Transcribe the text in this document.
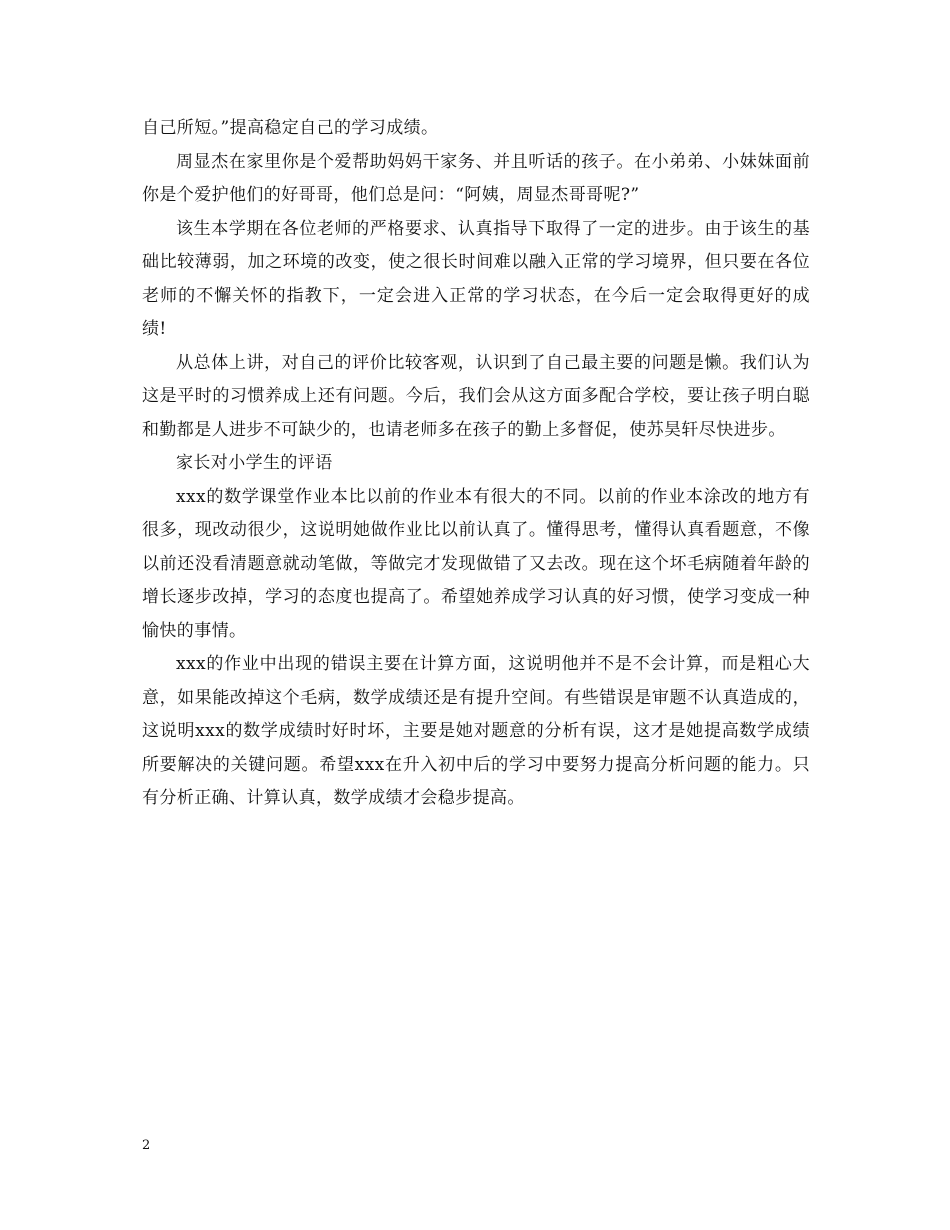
自己所短。”提高稳定自己的学习成绩。

周显杰在家里你是个爱帮助妈妈干家务、并且听话的孩子。在小弟弟、小妹妹面前你是个爱护他们的好哥哥，他们总是问：“阿姨，周显杰哥哥呢?”

该生本学期在各位老师的严格要求、认真指导下取得了一定的进步。由于该生的基础比较薄弱，加之环境的改变，使之很长时间难以融入正常的学习境界，但只要在各位老师的不懈关怀的指教下，一定会进入正常的学习状态，在今后一定会取得更好的成绩!

从总体上讲，对自己的评价比较客观，认识到了自己最主要的问题是懒。我们认为这是平时的习惯养成上还有问题。今后，我们会从这方面多配合学校，要让孩子明白聪和勤都是人进步不可缺少的，也请老师多在孩子的勤上多督促，使苏昊轩尽快进步。

家长对小学生的评语

xxx的数学课堂作业本比以前的作业本有很大的不同。以前的作业本涂改的地方有很多，现改动很少，这说明她做作业比以前认真了。懂得思考，懂得认真看题意，不像以前还没看清题意就动笔做，等做完才发现做错了又去改。现在这个坏毛病随着年龄的增长逐步改掉，学习的态度也提高了。希望她养成学习认真的好习惯，使学习变成一种愉快的事情。

xxx的作业中出现的错误主要在计算方面，这说明他并不是不会计算，而是粗心大意，如果能改掉这个毛病，数学成绩还是有提升空间。有些错误是审题不认真造成的，这说明xxx的数学成绩时好时坏，主要是她对题意的分析有误，这才是她提高数学成绩所要解决的关键问题。希望xxx在升入初中后的学习中要努力提高分析问题的能力。只有分析正确、计算认真，数学成绩才会稳步提高。

2
